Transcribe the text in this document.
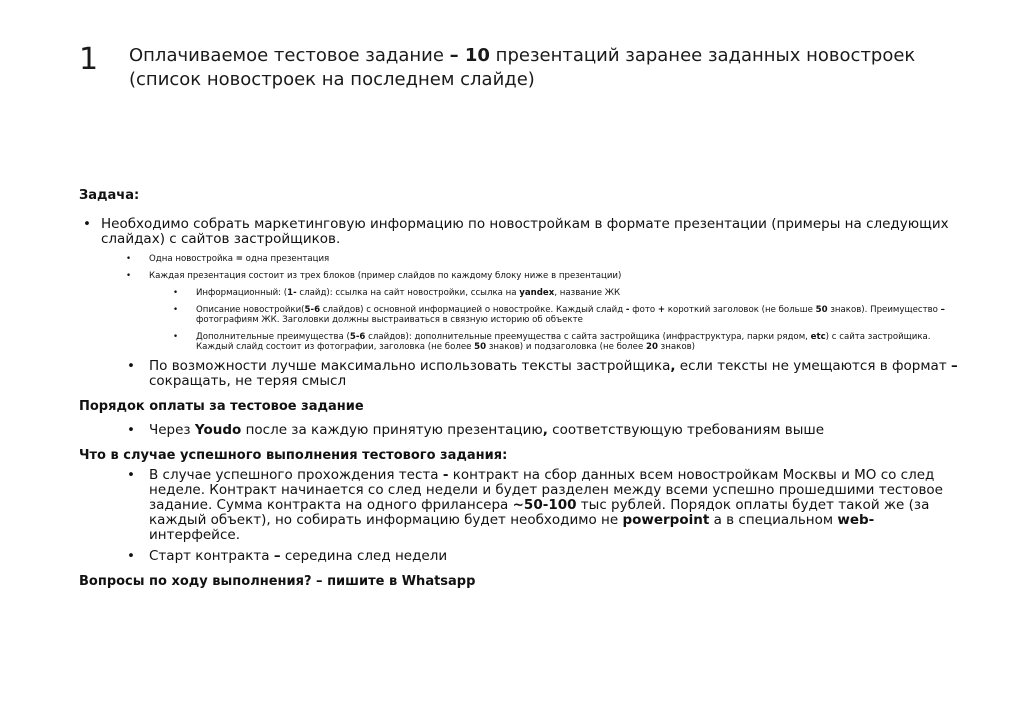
1 Оплачиваемое тестовое задание – 10 презентаций заранее заданных новостроек (список новостроек на последнем слайде)

Задача:

• Необходимо собрать маркетинговую информацию по новостройкам в формате презентации (примеры на следующих слайдах) с сайтов застройщиков.

• Одна новостройка = одна презентация

• Каждая презентация состоит из трех блоков (пример слайдов по каждому блоку ниже в презентации)

• Информационный: (1- слайд): ссылка на сайт новостройки, ссылка на yandex, название ЖК

• Описание новостройки(5-6 слайдов) с основной информацией о новостройке. Каждый слайд - фото + короткий заголовок (не больше 50 знаков). Преимущество – фотографиям ЖК. Заголовки должны выстраиваться в связную историю об объекте

• Дополнительные преимущества (5-6 слайдов): дополнительные преемущества с сайта застройщика (инфраструктура, парки рядом, etc) с сайта застройщика. Каждый слайд состоит из фотографии, заголовка (не более 50 знаков) и подзаголовка (не более 20 знаков)

• По возможности лучше максимально использовать тексты застройщика, если тексты не умещаются в формат – сокращать, не теряя смысл

Порядок оплаты за тестовое задание

• Через Youdo после за каждую принятую презентацию, соответствующую требованиям выше

Что в случае успешного выполнения тестового задания:

• В случае успешного прохождения теста - контракт на сбор данных всем новостройкам Москвы и МО со след неделе. Контракт начинается со след недели и будет разделен между всеми успешно прошедшими тестовое задание. Сумма контракта на одного фрилансера ~50-100 тыс рублей. Порядок оплаты будет такой же (за каждый объект), но собирать информацию будет необходимо не powerpoint а в специальном web-интерфейсе.

• Старт контракта – середина след недели

Вопросы по ходу выполнения? – пишите в Whatsapp
